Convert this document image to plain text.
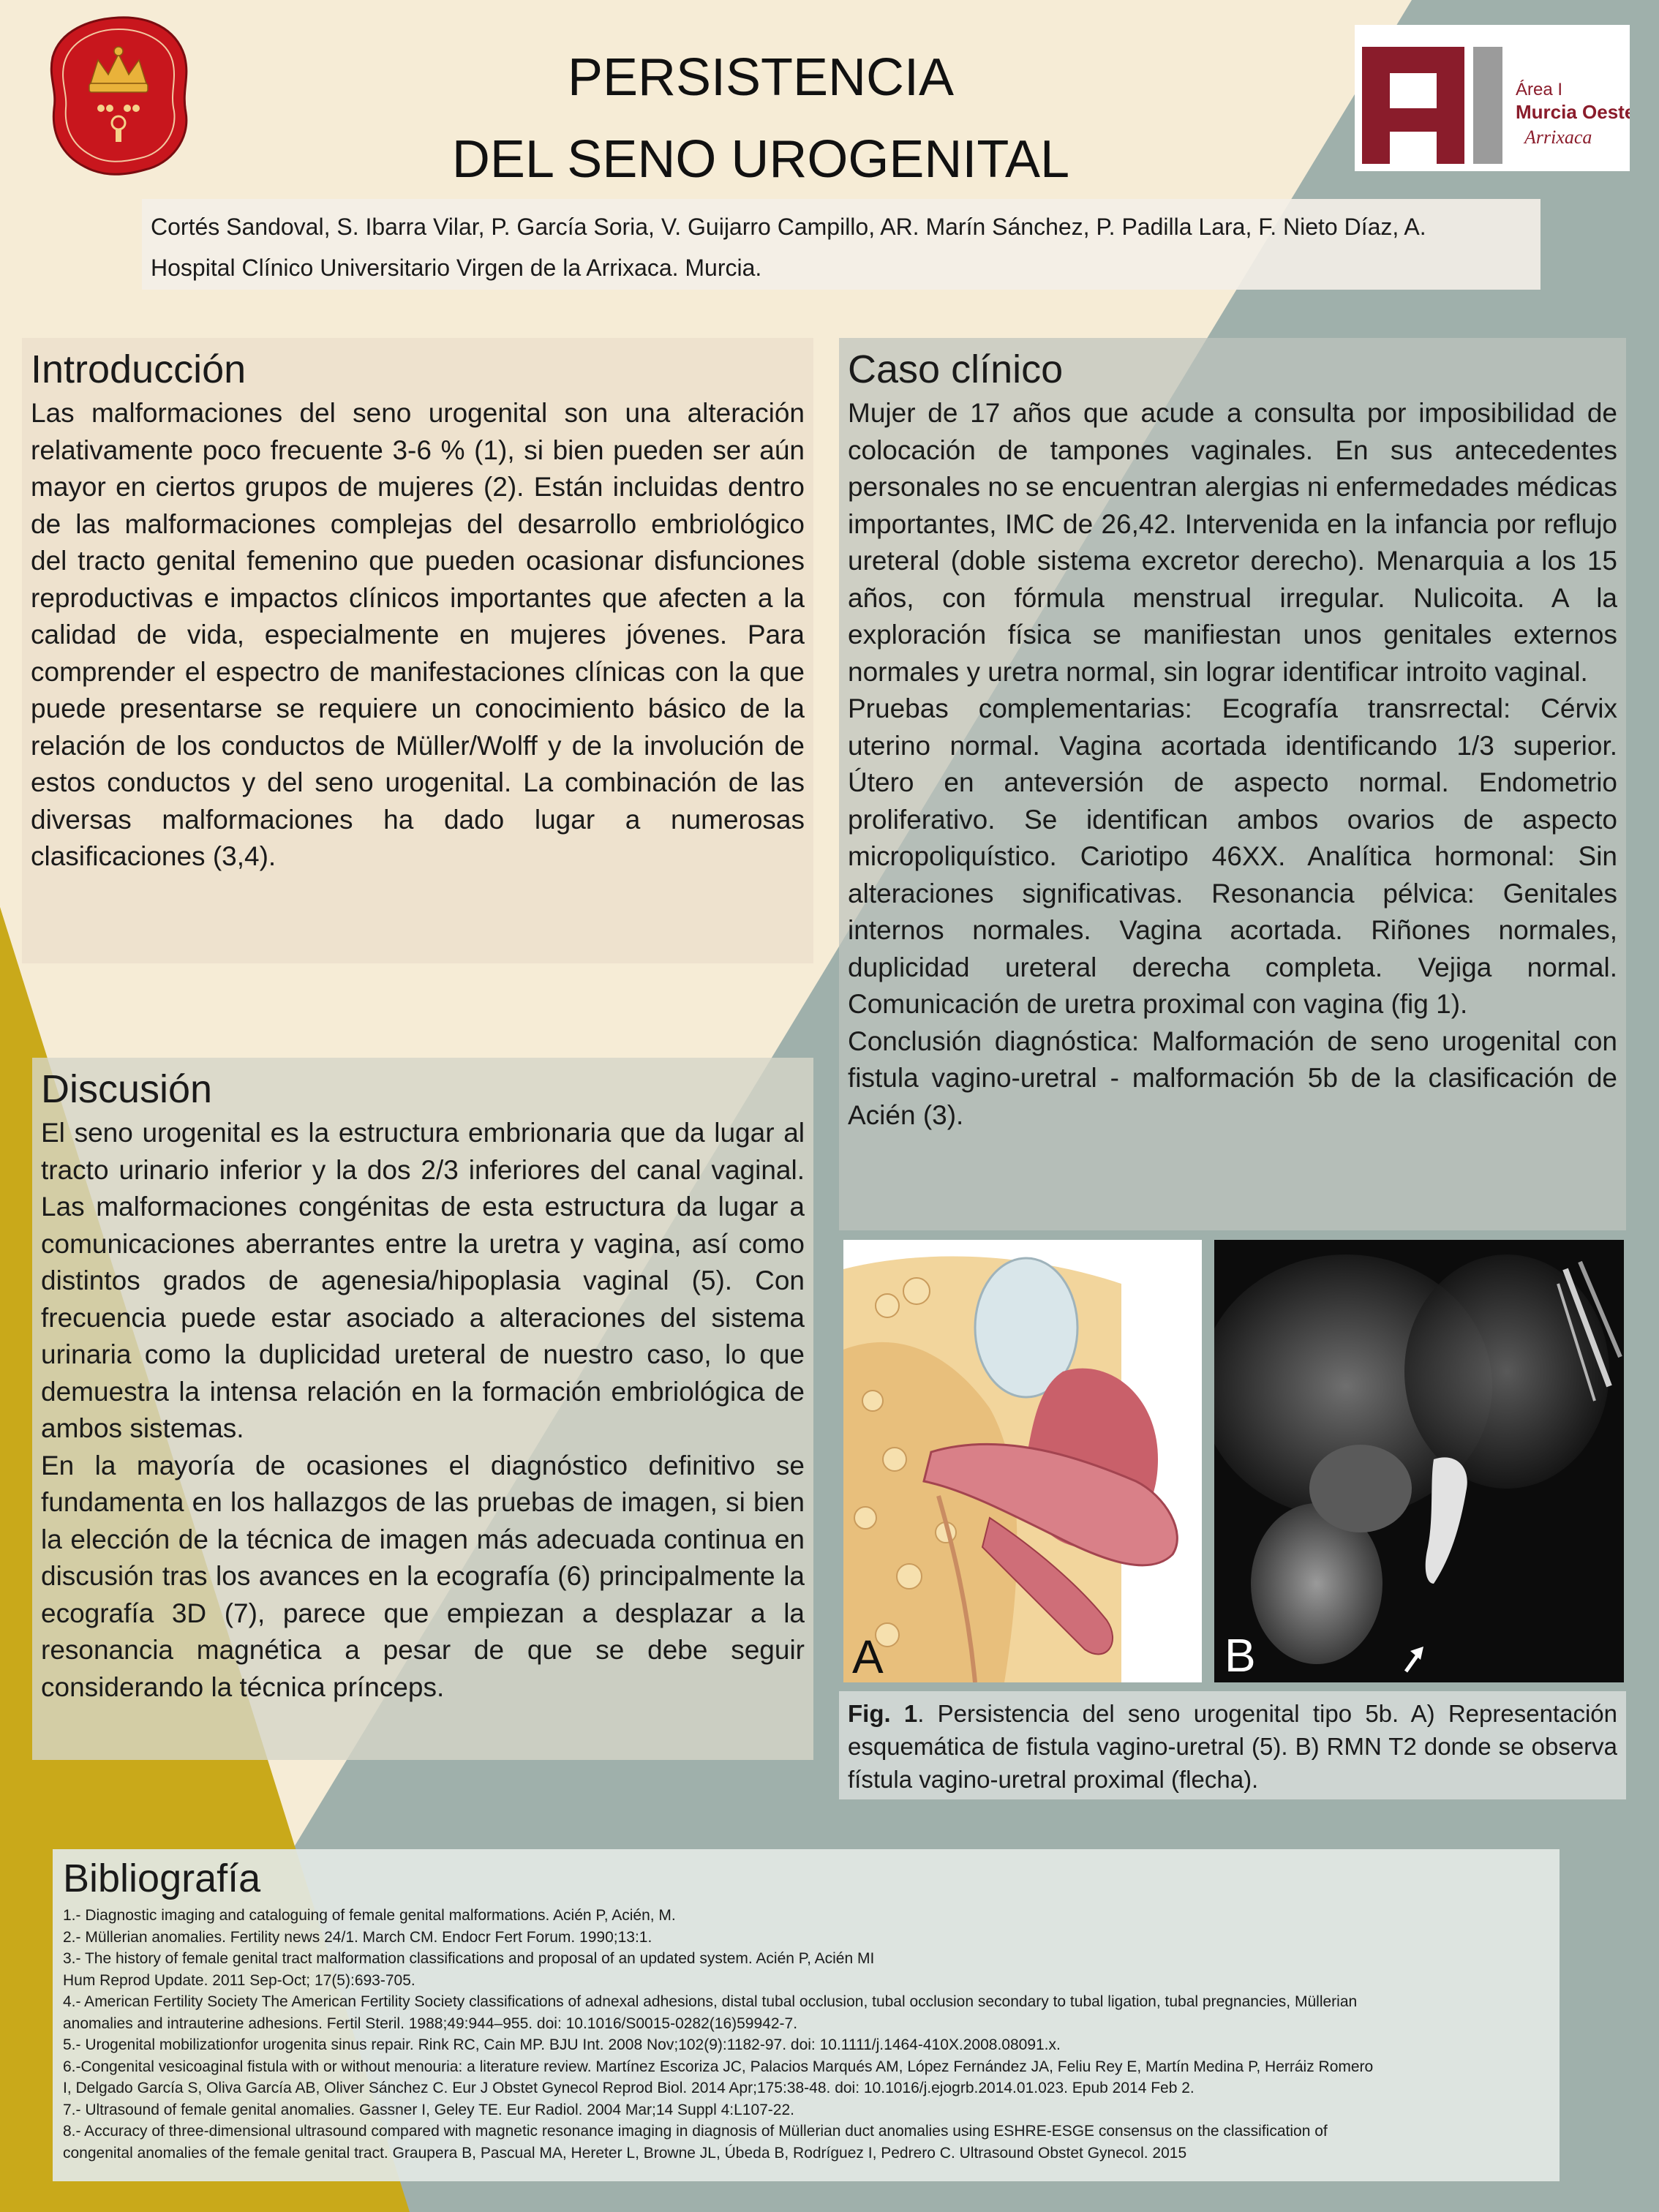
PERSISTENCIA
DEL SENO UROGENITAL
Área I
Murcia Oeste
Arrixaca
Cortés Sandoval, S. Ibarra Vilar, P. García Soria, V. Guijarro Campillo, AR. Marín Sánchez, P. Padilla Lara, F. Nieto Díaz, A.
Hospital Clínico Universitario Virgen de la Arrixaca. Murcia.
Introducción

Las malformaciones del seno urogenital son una alteración relativamente poco frecuente 3-6 % (1), si bien pueden ser aún mayor en ciertos grupos de mujeres (2). Están incluidas dentro de las malformaciones complejas del desarrollo embriológico del tracto genital femenino que pueden ocasionar disfunciones reproductivas e impactos clínicos importantes que afecten a la calidad de vida, especialmente en mujeres jóvenes. Para comprender el espectro de manifestaciones clínicas con la que puede presentarse se requiere un conocimiento básico de la relación de los conductos de Müller/Wolff y de la involución de estos conductos y del seno urogenital. La combinación de las diversas malformaciones ha dado lugar a numerosas clasificaciones (3,4).

Caso clínico

Mujer de 17 años que acude a consulta por imposibilidad de colocación de tampones vaginales. En sus antecedentes personales no se encuentran alergias ni enfermedades médicas importantes, IMC de 26,42. Intervenida en la infancia por reflujo ureteral (doble sistema excretor derecho). Menarquia a los 15 años, con fórmula menstrual irregular. Nulicoita. A la exploración física se manifiestan unos genitales externos normales y uretra normal, sin lograr identificar introito vaginal.

Pruebas complementarias: Ecografía transrrectal: Cérvix uterino normal. Vagina acortada identificando 1/3 superior. Útero en anteversión de aspecto normal. Endometrio proliferativo. Se identifican ambos ovarios de aspecto micropoliquístico. Cariotipo 46XX. Analítica hormonal: Sin alteraciones significativas. Resonancia pélvica: Genitales internos normales. Vagina acortada. Riñones normales, duplicidad ureteral derecha completa. Vejiga normal. Comunicación de uretra proximal con vagina (fig 1).

Conclusión diagnóstica: Malformación de seno urogenital con fistula vagino-uretral - malformación 5b de la clasificación de Acién (3).

Discusión

El seno urogenital es la estructura embrionaria que da lugar al tracto urinario inferior y la dos 2/3 inferiores del canal vaginal. Las malformaciones congénitas de esta estructura da lugar a comunicaciones aberrantes entre la uretra y vagina, así como distintos grados de agenesia/hipoplasia vaginal (5). Con frecuencia puede estar asociado a alteraciones del sistema urinaria como la duplicidad ureteral de nuestro caso, lo que demuestra la intensa relación en la formación embriológica de ambos sistemas.

En la mayoría de ocasiones el diagnóstico definitivo se fundamenta en los hallazgos de las pruebas de imagen, si bien la elección de la técnica de imagen más adecuada continua en discusión tras los avances en la ecografía (6) principalmente la ecografía 3D (7), parece que empiezan a desplazar a la resonancia magnética a pesar de que se debe seguir considerando la técnica prínceps.

A	B

Fig. 1. Persistencia del seno urogenital tipo 5b. A) Representación esquemática de fistula vagino-uretral (5). B) RMN T2 donde se observa fístula vagino-uretral proximal (flecha).

Bibliografía
1.- Diagnostic imaging and cataloguing of female genital malformations. Acién P, Acién, M.
2.- Müllerian anomalies. Fertility news 24/1. March CM. Endocr Fert Forum. 1990;13:1.
3.- The history of female genital tract malformation classifications and proposal of an updated system. Acién P, Acién MI
Hum Reprod Update. 2011 Sep-Oct; 17(5):693-705.
4.- American Fertility Society The American Fertility Society classifications of adnexal adhesions, distal tubal occlusion, tubal occlusion secondary to tubal ligation, tubal pregnancies, Müllerian
anomalies and intrauterine adhesions. Fertil Steril. 1988;49:944–955. doi: 10.1016/S0015-0282(16)59942-7.
5.- Urogenital mobilizationfor urogenita sinus repair. Rink RC, Cain MP. BJU Int. 2008 Nov;102(9):1182-97. doi: 10.1111/j.1464-410X.2008.08091.x.
6.-Congenital vesicoaginal fistula with or without menouria: a literature review. Martínez Escoriza JC, Palacios Marqués AM, López Fernández JA, Feliu Rey E, Martín Medina P, Herráiz Romero
I, Delgado García S, Oliva García AB, Oliver Sánchez C. Eur J Obstet Gynecol Reprod Biol. 2014 Apr;175:38-48. doi: 10.1016/j.ejogrb.2014.01.023. Epub 2014 Feb 2.
7.- Ultrasound of female genital anomalies. Gassner I, Geley TE. Eur Radiol. 2004 Mar;14 Suppl 4:L107-22.
8.- Accuracy of three-dimensional ultrasound compared with magnetic resonance imaging in diagnosis of Müllerian duct anomalies using ESHRE-ESGE consensus on the classification of
congenital anomalies of the female genital tract. Graupera B, Pascual MA, Hereter L, Browne JL, Úbeda B, Rodríguez I, Pedrero C. Ultrasound Obstet Gynecol. 2015
